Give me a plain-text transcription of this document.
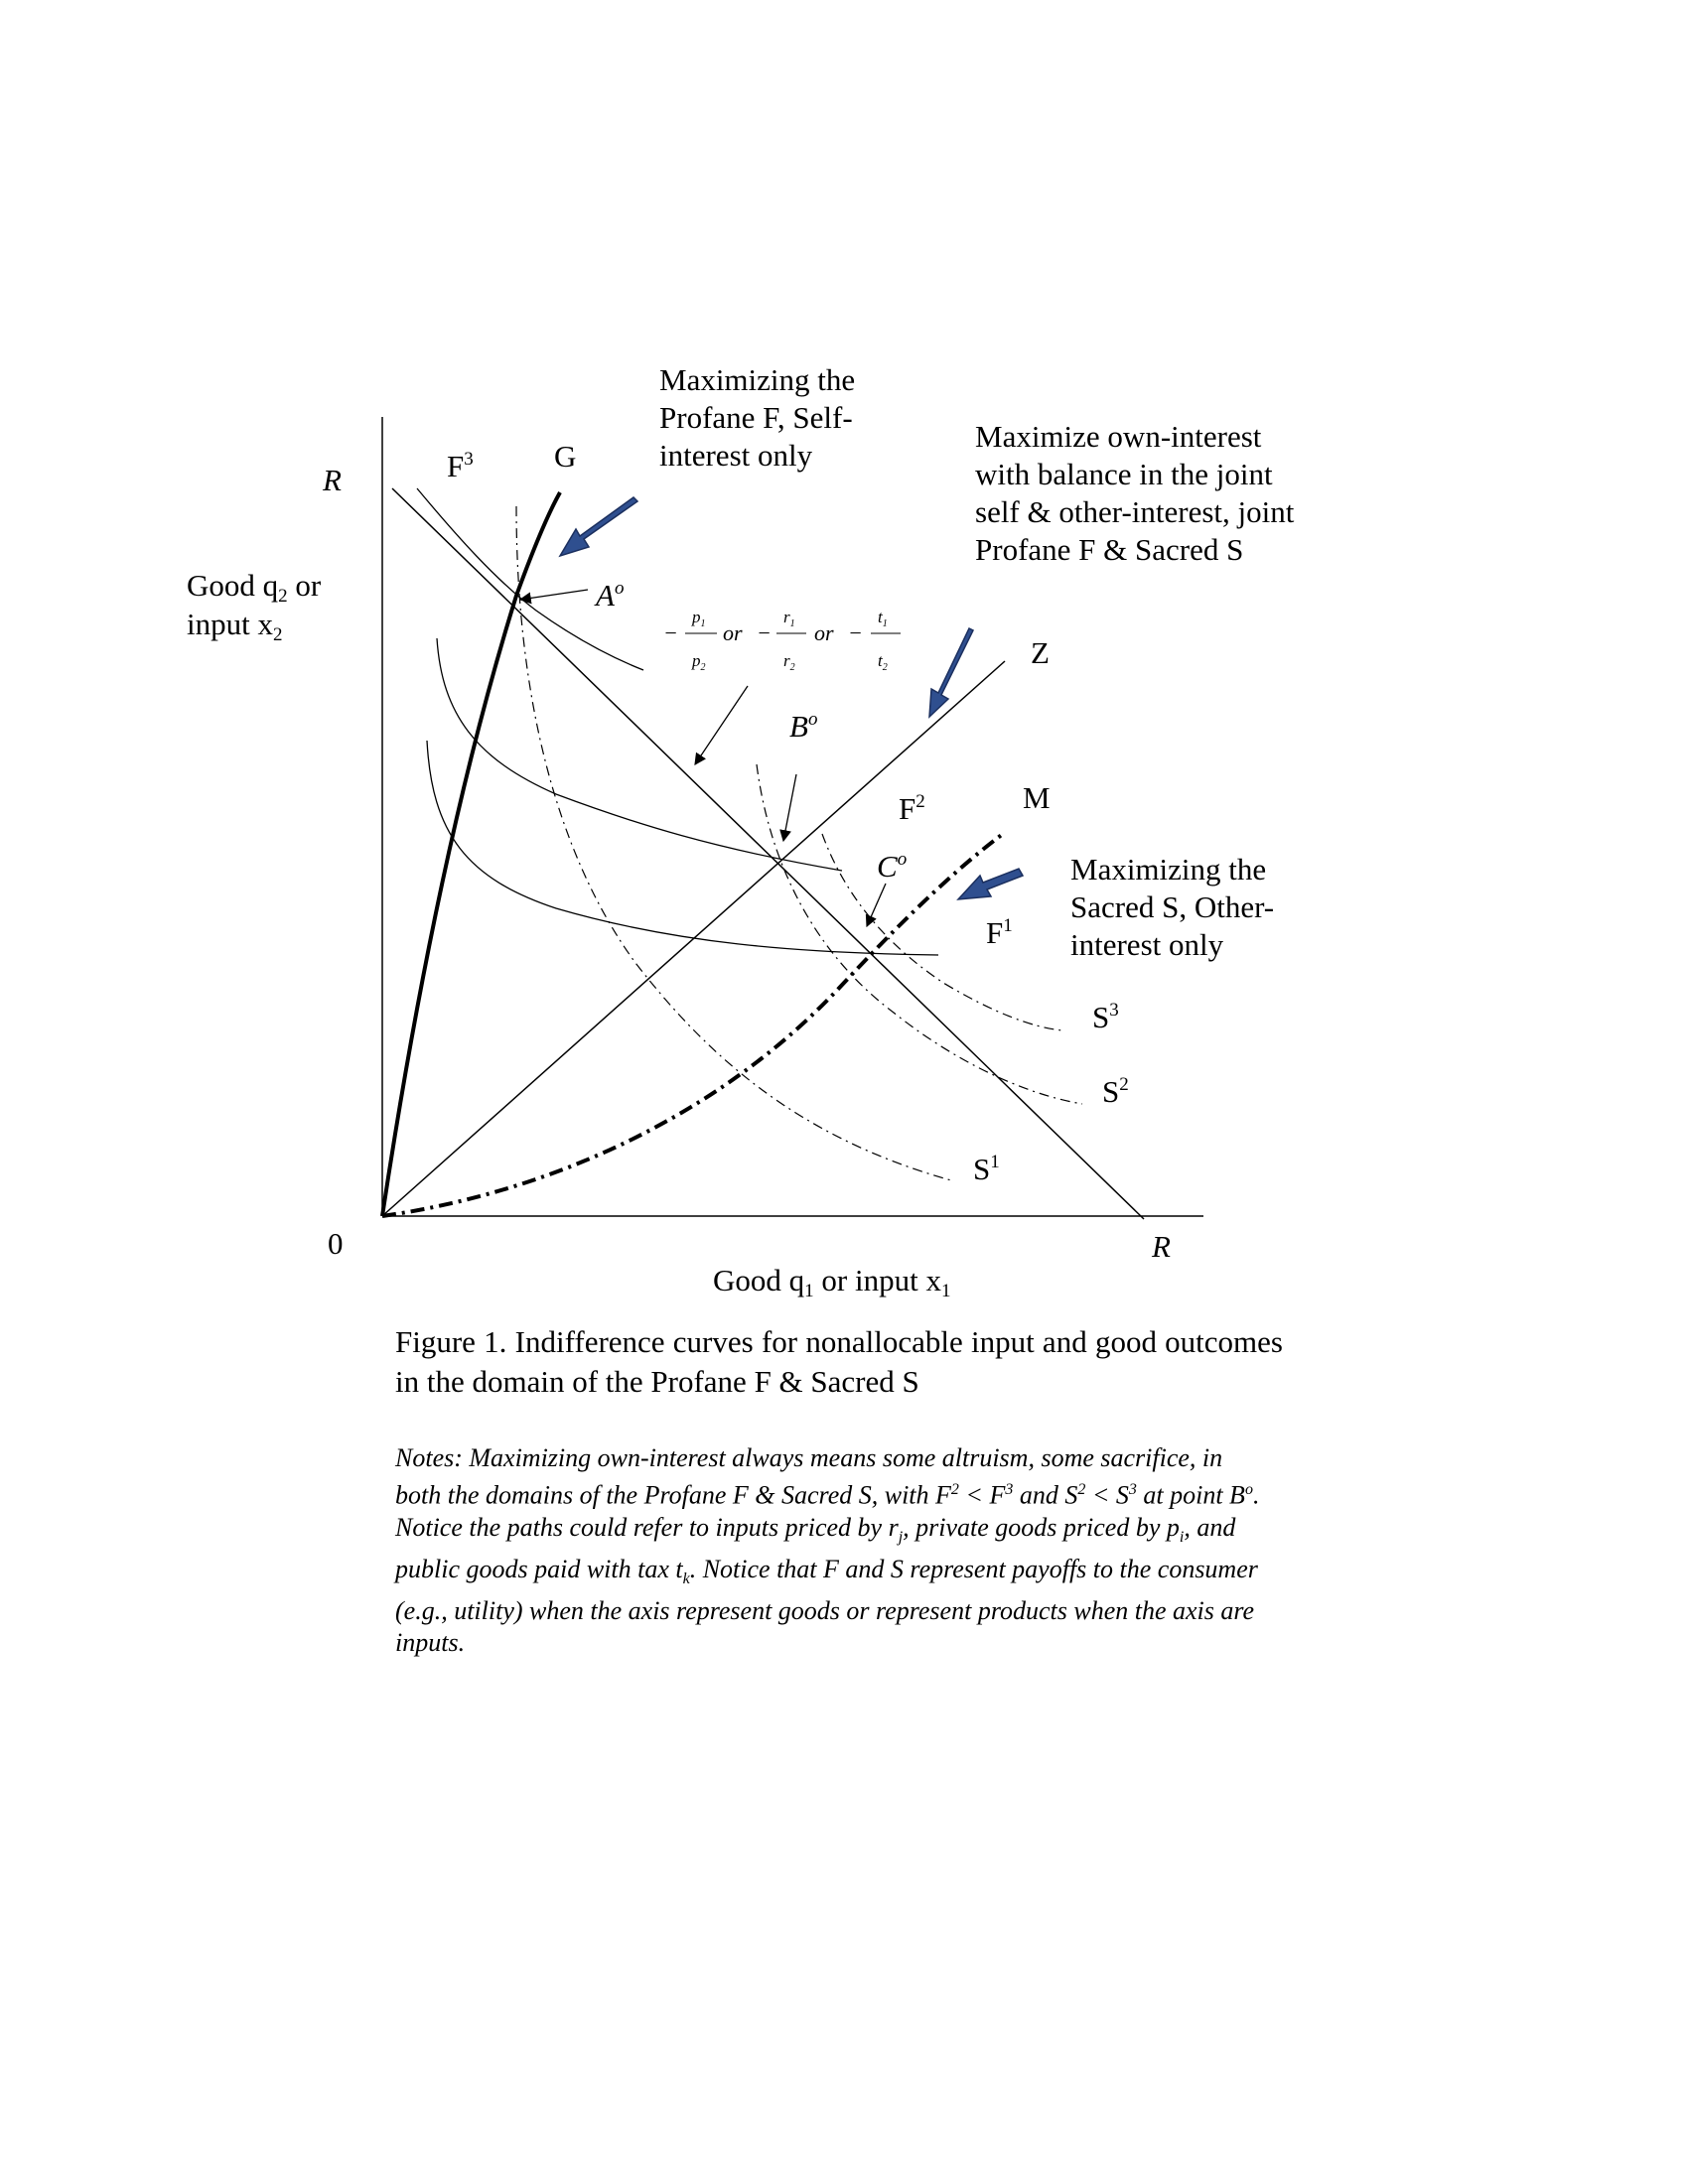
R
R
0
Good q2 or input x2
Good q1 or input x1
$F^3$	G
Z
M
$F^2$
$F^1$
$S^3$
$S^2$
$S^1$
$A^o$
$B^o$
$C^o$
−
$p_1$
$p_2$
or −
$r_1$
$r_2$
or −
$t_1$
$t_2$
Maximizing the Profane F, Self- interest only
Maximize own-interest with balance in the joint self & other-interest, joint Profane F & Sacred S
Maximizing the Sacred S, Other- interest only
Figure 1. Indifference curves for nonallocable input and good outcomes in the domain of the Profane F & Sacred S
Notes: Maximizing own-interest always means some altruism, some sacrifice, in both the domains of the Profane F & Sacred S, with $F^2 < F^3$ and $S^2 < S^3$ at point $B^o$. Notice the paths could refer to inputs priced by $r_j$, private goods priced by $p_i$, and public goods paid with tax $t_k$. Notice that F and S represent payoffs to the consumer (e.g., utility) when the axis represent goods or represent products when the axis are inputs.
